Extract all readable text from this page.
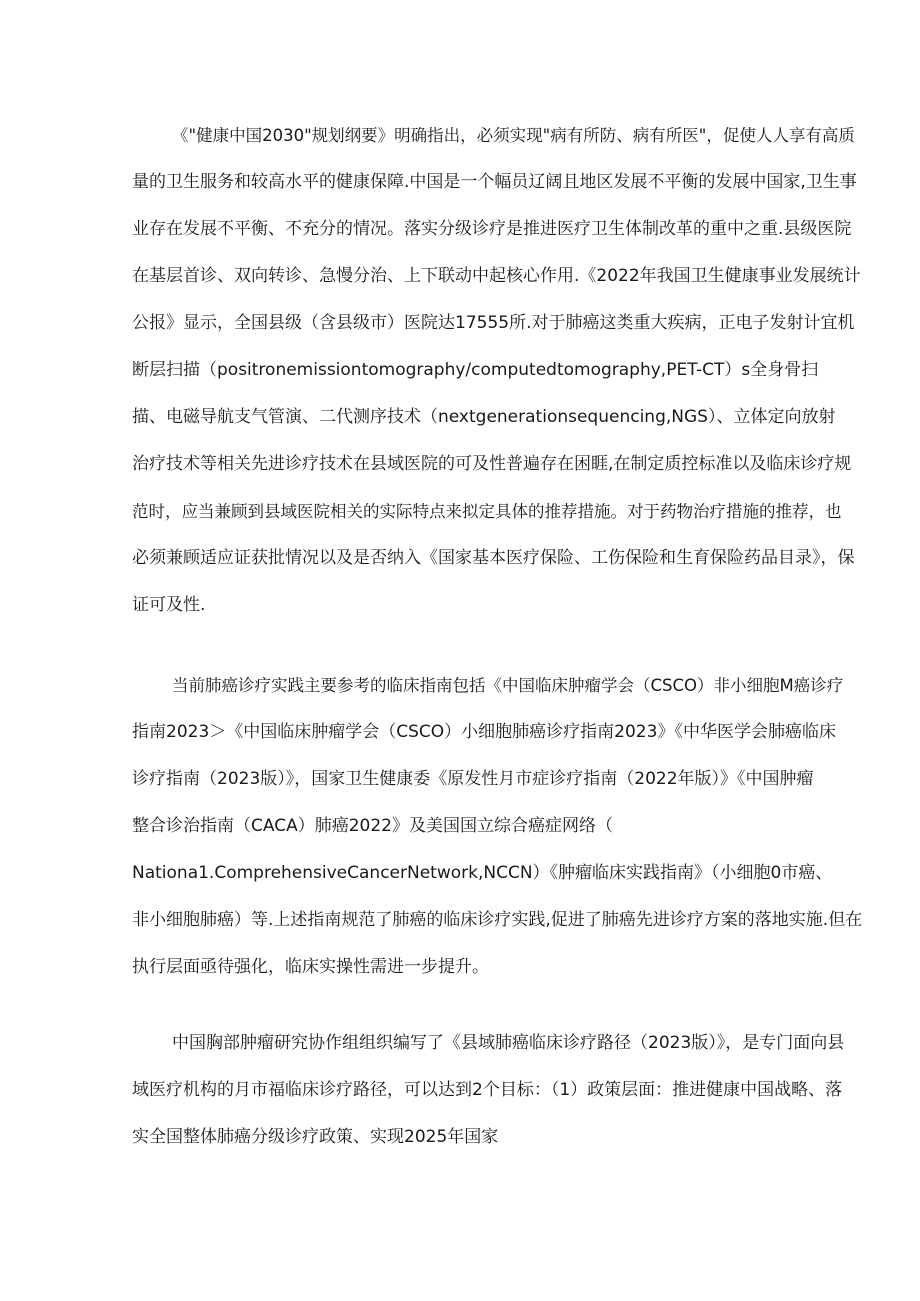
《"健康中国2030"规划纲要》明确指出，必须实现"病有所防、病有所医"，促使人人享有高质
量的卫生服务和较高水平的健康保障.中国是一个幅员辽阔且地区发展不平衡的发展中国家,卫生事
业存在发展不平衡、不充分的情况。落实分级诊疗是推进医疗卫生体制改革的重中之重.县级医院
在基层首诊、双向转诊、急慢分治、上下联动中起核心作用.《2022年我国卫生健康事业发展统计
公报》显示，全国县级（含县级市）医院达17555所.对于肺癌这类重大疾病，正电子发射计宜机
断层扫描（positronemissiontomography/computedtomography,PET-CT）s全身骨扫
描、电磁导航支气管演、二代测序技术（nextgenerationsequencing,NGS）、立体定向放射
治疗技术等相关先进诊疗技术在县域医院的可及性普遍存在困睚,在制定质控标准以及临床诊疗规
范时，应当兼顾到县域医院相关的实际特点来拟定具体的推荐措施。对于药物治疗措施的推荐，也
必须兼顾适应证获批情况以及是否纳入《国家基本医疗保险、工伤保险和生育保险药品目录》，保
证可及性.
当前肺癌诊疗实践主要参考的临床指南包括《中国临床肿瘤学会（CSCO）非小细胞M癌诊疗
指南2023＞《中国临床肿瘤学会（CSCO）小细胞肺癌诊疗指南2023》《中华医学会肺癌临床
诊疗指南（2023版）》，国家卫生健康委《原发性月市症诊疗指南（2022年版）》《中国肿瘤
整合诊治指南（CACA）肺癌2022》及美国国立综合癌症网络（
Nationa1.ComprehensiveCancerNetwork,NCCN）《肿瘤临床实践指南》（小细胞0市癌、
非小细胞肺癌）等.上述指南规范了肺癌的临床诊疗实践,促进了肺癌先进诊疗方案的落地实施.但在
执行层面亟待强化，临床实操性需进一步提升。
中国胸部肿瘤研究协作组组织编写了《县域肺癌临床诊疗路径（2023版）》，是专门面向县
域医疗机构的月市福临床诊疗路径，可以达到2个目标：（1）政策层面：推进健康中国战略、落
实全国整体肺癌分级诊疗政策、实现2025年国家
